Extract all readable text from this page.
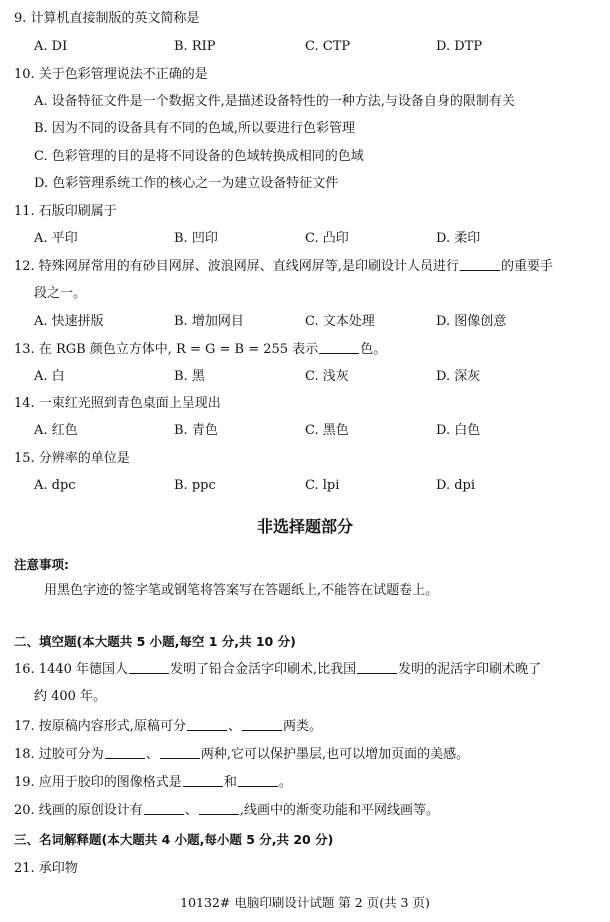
9. 计算机直接制版的英文简称是
A. DI	B. RIP	C. CTP	D. DTP
10. 关于色彩管理说法不正确的是
A. 设备特征文件是一个数据文件,是描述设备特性的一种方法,与设备自身的限制有关
B. 因为不同的设备具有不同的色域,所以要进行色彩管理
C. 色彩管理的目的是将不同设备的色域转换成相同的色域
D. 色彩管理系统工作的核心之一为建立设备特征文件
11. 石版印刷属于
A. 平印	B. 凹印	C. 凸印	D. 柔印
12. 特殊网屏常用的有砂目网屏、波浪网屏、直线网屏等,是印刷设计人员进行	的重要手
段之一。
A. 快速拼版	B. 增加网目	C. 文本处理	D. 图像创意
13. 在 RGB 颜色立方体中, R = G = B = 255 表示	色。
A. 白	B. 黑	C. 浅灰	D. 深灰
14. 一束红光照到青色桌面上呈现出
A. 红色	B. 青色	C. 黑色	D. 白色
15. 分辨率的单位是
A. dpc	B. ppc	C. lpi	D. dpi
非选择题部分
注意事项:
用黑色字迹的签字笔或钢笔将答案写在答题纸上,不能答在试题卷上。
二、填空题(本大题共 5 小题,每空 1 分,共 10 分)
16. 1440 年德国人	发明了铅合金活字印刷术,比我国	发明的泥活字印刷术晚了
约 400 年。
17. 按原稿内容形式,原稿可分	、	两类。
18. 过胶可分为	、	两种,它可以保护墨层,也可以增加页面的美感。
19. 应用于胶印的图像格式是	和	。
20. 线画的原创设计有	、	,线画中的渐变功能和平网线画等。
三、名词解释题(本大题共 4 小题,每小题 5 分,共 20 分)
21. 承印物
10132# 电脑印刷设计试题 第 2 页(共 3 页)
